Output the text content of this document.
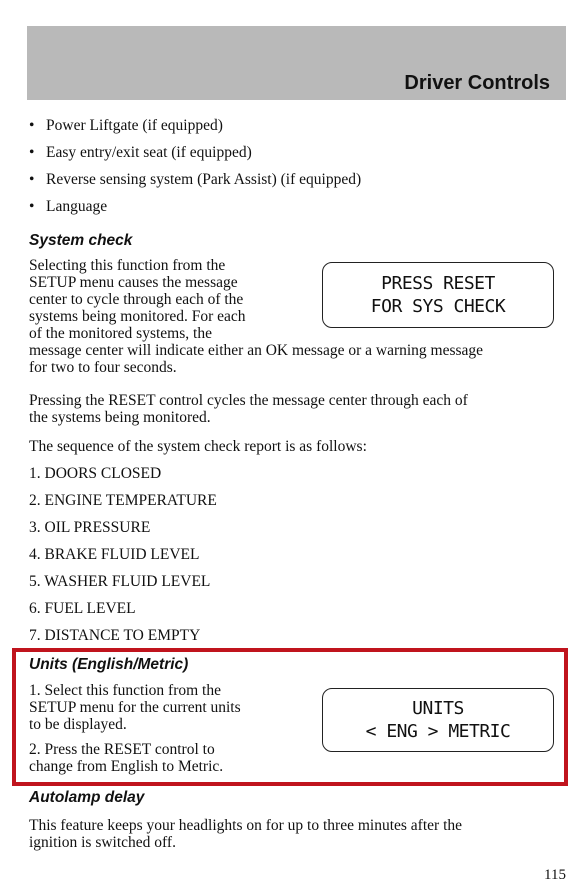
Driver Controls
• Power Liftgate (if equipped)
• Easy entry/exit seat (if equipped)
• Reverse sensing system (Park Assist) (if equipped)
• Language
System check
Selecting this function from the
SETUP menu causes the message
center to cycle through each of the
systems being monitored. For each
of the monitored systems, the
message center will indicate either an OK message or a warning message
for two to four seconds.
PRESS RESET
FOR SYS CHECK
Pressing the RESET control cycles the message center through each of
the systems being monitored.
The sequence of the system check report is as follows:
1. DOORS CLOSED
2. ENGINE TEMPERATURE
3. OIL PRESSURE
4. BRAKE FLUID LEVEL
5. WASHER FLUID LEVEL
6. FUEL LEVEL
7. DISTANCE TO EMPTY
Units (English/Metric)
1. Select this function from the
SETUP menu for the current units
to be displayed.
2. Press the RESET control to
change from English to Metric.
UNITS
< ENG > METRIC
Autolamp delay
This feature keeps your headlights on for up to three minutes after the
ignition is switched off.
115
